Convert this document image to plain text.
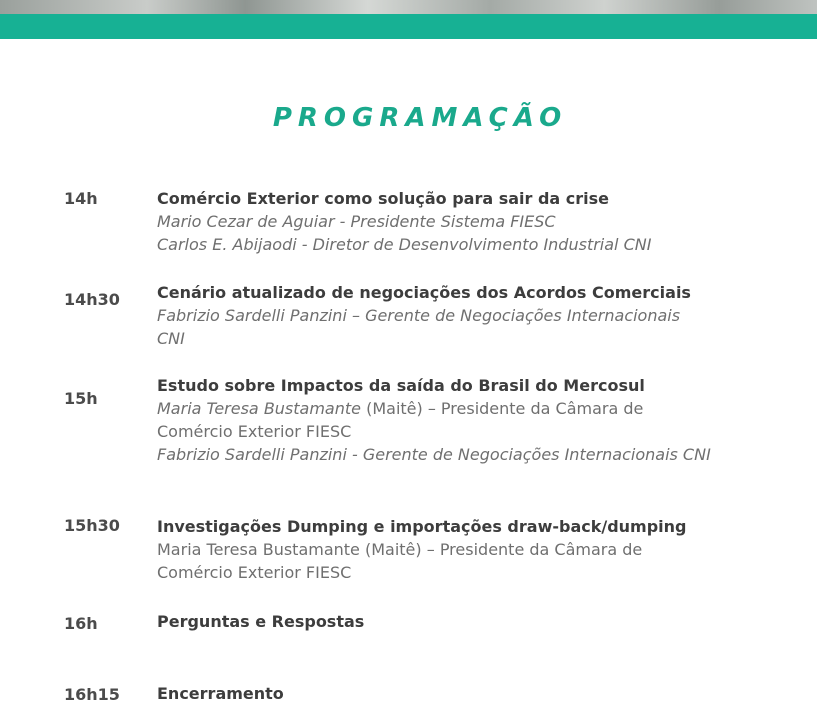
PROGRAMAÇÃO
14h	Comércio Exterior como solução para sair da crise
Mario Cezar de Aguiar - Presidente Sistema FIESC
Carlos E. Abijaodi - Diretor de Desenvolvimento Industrial CNI
14h30 Cenário atualizado de negociações dos Acordos Comerciais
Fabrizio Sardelli Panzini – Gerente de Negociações Internacionais
CNI
15h
Estudo sobre Impactos da saída do Brasil do Mercosul
Maria Teresa Bustamante (Maitê) – Presidente da Câmara de
Comércio Exterior FIESC
Fabrizio Sardelli Panzini - Gerente de Negociações Internacionais CNI
15h30 Investigações Dumping e importações draw-back/dumping
Maria Teresa Bustamante (Maitê) – Presidente da Câmara de
Comércio Exterior FIESC
16h	Perguntas e Respostas
16h15 Encerramento
